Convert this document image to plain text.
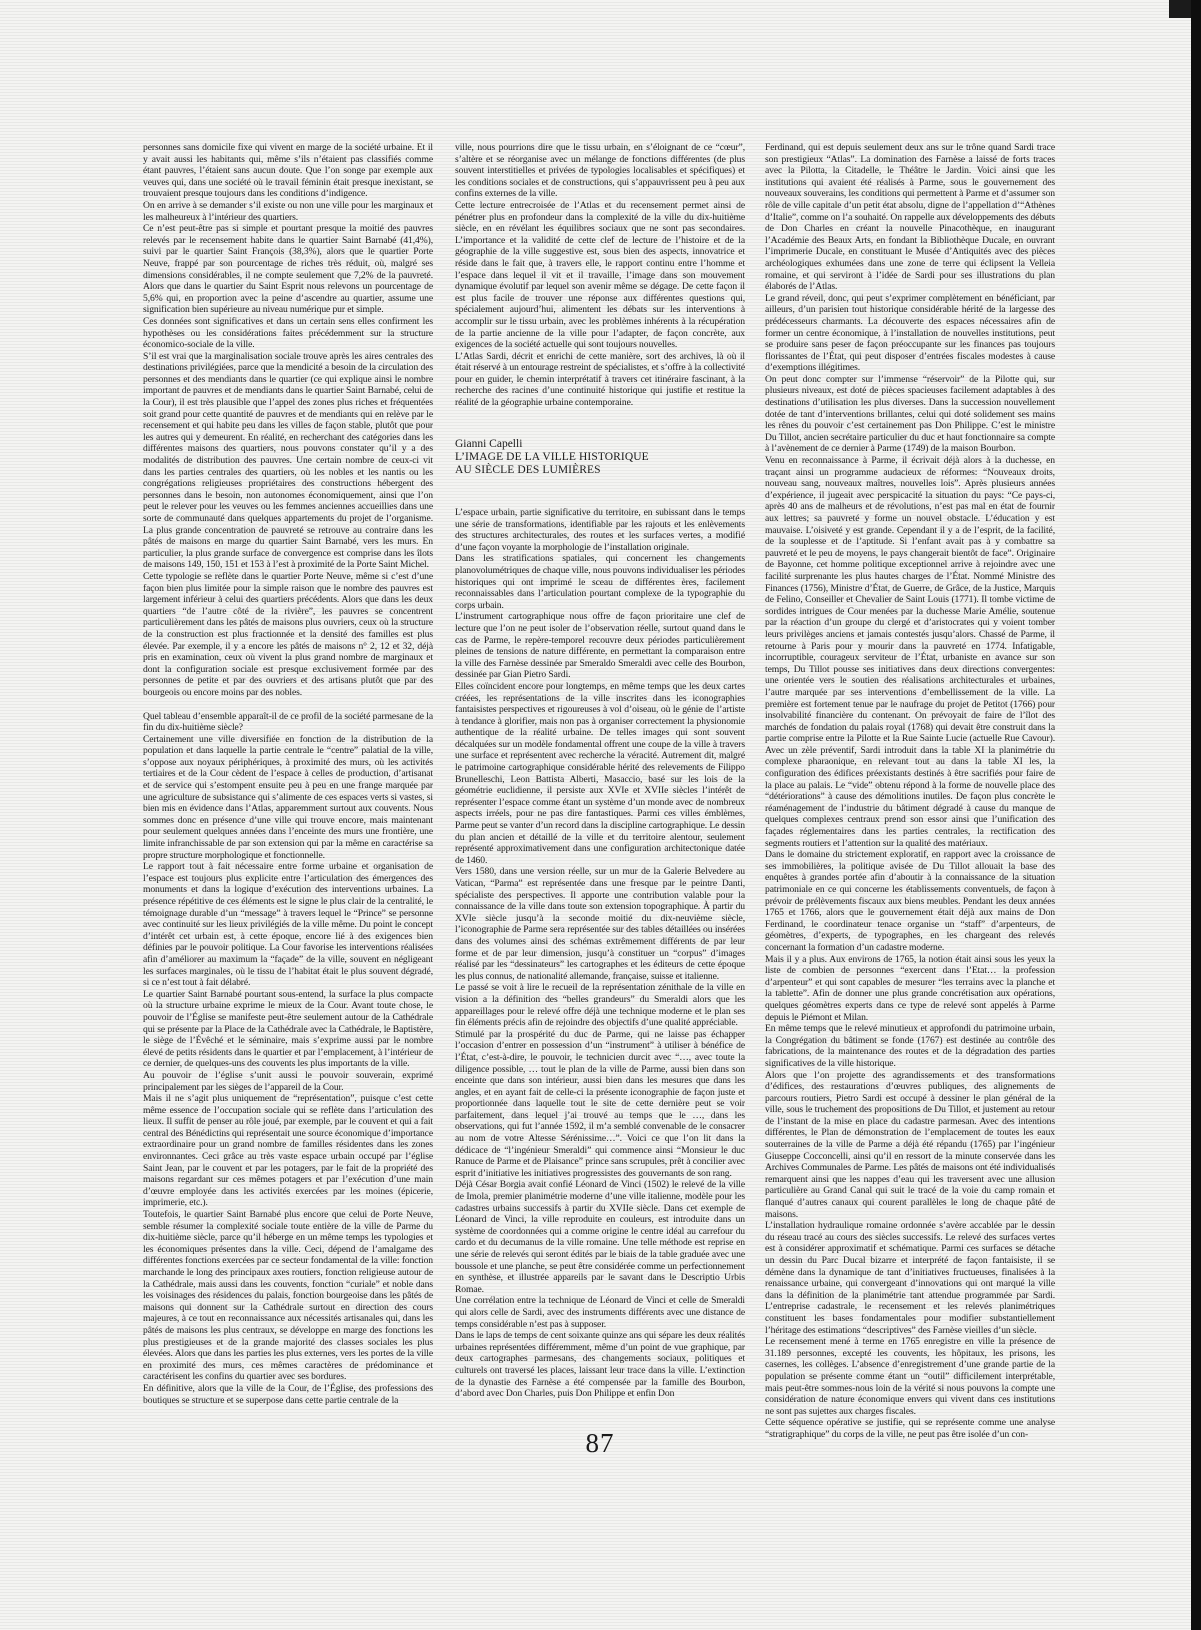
personnes sans domicile fixe qui vivent en marge de la société urbaine. Et il y avait aussi les habitants qui, même s’ils n’étaient pas classifiés comme étant pauvres, l’étaient sans aucun doute. Que l’on songe par exemple aux veuves qui, dans une société où le travail féminin était presque inexistant, se trouvaient presque toujours dans les conditions d’indigence.

On en arrive à se demander s’il existe ou non une ville pour les marginaux et les malheureux à l’intérieur des quartiers.

Ce n’est peut-être pas si simple et pourtant presque la moitié des pauvres relevés par le recensement habite dans le quartier Saint Barnabé (41,4%), suivi par le quartier Saint François (38,3%), alors que le quartier Porte Neuve, frappé par son pourcentage de riches très réduit, où, malgré ses dimensions considérables, il ne compte seulement que 7,2% de la pauvreté. Alors que dans le quartier du Saint Esprit nous relevons un pourcentage de 5,6% qui, en proportion avec la peine d’ascendre au quartier, assume une signification bien supérieure au niveau numérique pur et simple.

Ces données sont significatives et dans un certain sens elles confirment les hypothèses ou les considérations faites précédemment sur la structure économico-sociale de la ville.

S’il est vrai que la marginalisation sociale trouve après les aires centrales des destinations privilégiées, parce que la mendicité a besoin de la circulation des personnes et des mendiants dans le quartier (ce qui explique ainsi le nombre important de pauvres et de mendiants dans le quartier Saint Barnabé, celui de la Cour), il est très plausible que l’appel des zones plus riches et fréquentées soit grand pour cette quantité de pauvres et de mendiants qui en relève par le recensement et qui habite peu dans les villes de façon stable, plutôt que pour les autres qui y demeurent. En réalité, en recherchant des catégories dans les différentes maisons des quartiers, nous pouvons constater qu’il y a des modalités de distribution des pauvres. Une certain nombre de ceux-ci vit dans les parties centrales des quartiers, où les nobles et les nantis ou les congrégations religieuses propriétaires des constructions hébergent des personnes dans le besoin, non autonomes économiquement, ainsi que l’on peut le relever pour les veuves ou les femmes anciennes accueillies dans une sorte de communauté dans quelques appartements du projet de l’organisme. La plus grande concentration de pauvreté se retrouve au contraire dans les pâtés de maisons en marge du quartier Saint Barnabé, vers les murs. En particulier, la plus grande surface de convergence est comprise dans les îlots de maisons 149, 150, 151 et 153 à l’est à proximité de la Porte Saint Michel.

Cette typologie se reflète dans le quartier Porte Neuve, même si c’est d’une façon bien plus limitée pour la simple raison que le nombre des pauvres est largement inférieur à celui des quartiers précédents. Alors que dans les deux quartiers “de l’autre côté de la rivière”, les pauvres se concentrent particulièrement dans les pâtés de maisons plus ouvriers, ceux où la structure de la construction est plus fractionnée et la densité des familles est plus élevée. Par exemple, il y a encore les pâtés de maisons n° 2, 12 et 32, déjà pris en examination, ceux où vivent la plus grand nombre de marginaux et dont la configuration sociale est presque exclusivement formée par des personnes de petite et par des ouvriers et des artisans plutôt que par des bourgeois ou encore moins par des nobles.

Quel tableau d’ensemble apparaît-il de ce profil de la société parmesane de la fin du dix-huitième siècle?

Certainement une ville diversifiée en fonction de la distribution de la population et dans laquelle la partie centrale le “centre” palatial de la ville, s’oppose aux noyaux périphériques, à proximité des murs, où les activités tertiaires et de la Cour cèdent de l’espace à celles de production, d’artisanat et de service qui s’estompent ensuite peu à peu en une frange marquée par une agriculture de subsistance qui s’alimente de ces espaces verts si vastes, si bien mis en évidence dans l’Atlas, apparemment surtout aux couvents. Nous sommes donc en présence d’une ville qui trouve encore, mais maintenant pour seulement quelques années dans l’enceinte des murs une frontière, une limite infranchissable de par son extension qui par la même en caractérise sa propre structure morphologique et fonctionnelle.

Le rapport tout à fait nécessaire entre forme urbaine et organisation de l’espace est toujours plus explicite entre l’articulation des émergences des monuments et dans la logique d’exécution des interventions urbaines. La présence répétitive de ces éléments est le signe le plus clair de la centralité, le témoignage durable d’un “message” à travers lequel le “Prince” se personne avec continuité sur les lieux privilégiés de la ville même. Du point le concept d’intérêt cet urbain est, à cette époque, encore lié à des exigences bien définies par le pouvoir politique. La Cour favorise les interventions réalisées afin d’améliorer au maximum la “façade” de la ville, souvent en négligeant les surfaces marginales, où le tissu de l’habitat était le plus souvent dégradé, si ce n’est tout à fait délabré.

Le quartier Saint Barnabé pourtant sous-entend, la surface la plus compacte où la structure urbaine exprime le mieux de la Cour. Avant toute chose, le pouvoir de l’Église se manifeste peut-être seulement autour de la Cathédrale qui se présente par la Place de la Cathédrale avec la Cathédrale, le Baptistère, le siège de l’Évêché et le séminaire, mais s’exprime aussi par le nombre élevé de petits résidents dans le quartier et par l’emplacement, à l’intérieur de ce dernier, de quelques-uns des couvents les plus importants de la ville.

Au pouvoir de l’église s’unit aussi le pouvoir souverain, exprimé principalement par les sièges de l’appareil de la Cour.

Mais il ne s’agit plus uniquement de “représentation”, puisque c’est cette même essence de l’occupation sociale qui se reflète dans l’articulation des lieux. Il suffit de penser au rôle joué, par exemple, par le couvent et qui a fait central des Bénédictins qui représentait une source économique d’importance extraordinaire pour un grand nombre de familles résidentes dans les zones environnantes. Ceci grâce au très vaste espace urbain occupé par l’église Saint Jean, par le couvent et par les potagers, par le fait de la propriété des maisons regardant sur ces mêmes potagers et par l’exécution d’une main d’œuvre employée dans les activités exercées par les moines (épicerie, imprimerie, etc.).

Toutefois, le quartier Saint Barnabé plus encore que celui de Porte Neuve, semble résumer la complexité sociale toute entière de la ville de Parme du dix-huitième siècle, parce qu’il héberge en un même temps les typologies et les économiques présentes dans la ville. Ceci, dépend de l’amalgame des différentes fonctions exercées par ce secteur fondamental de la ville: fonction marchande le long des principaux axes routiers, fonction religieuse autour de la Cathédrale, mais aussi dans les couvents, fonction “curiale” et noble dans les voisinages des résidences du palais, fonction bourgeoise dans les pâtés de maisons qui donnent sur la Cathédrale surtout en direction des cours majeures, à ce tout en reconnaissance aux nécessités artisanales qui, dans les pâtés de maisons les plus centraux, se développe en marge des fonctions les plus prestigieuses et de la grande majorité des classes sociales les plus élevées. Alors que dans les parties les plus externes, vers les portes de la ville en proximité des murs, ces mêmes caractères de prédominance et caractérisent les confins du quartier avec ses bordures.

En définitive, alors que la ville de la Cour, de l’Église, des professions des boutiques se structure et se superpose dans cette partie centrale de la

ville, nous pourrions dire que le tissu urbain, en s’éloignant de ce “cœur”, s’altère et se réorganise avec un mélange de fonctions différentes (de plus souvent interstitielles et privées de typologies localisables et spécifiques) et les conditions sociales et de constructions, qui s’appauvrissent peu à peu aux confins externes de la ville.

Cette lecture entrecroisée de l’Atlas et du recensement permet ainsi de pénétrer plus en profondeur dans la complexité de la ville du dix-huitième siècle, en en révélant les équilibres sociaux que ne sont pas secondaires. L’importance et la validité de cette clef de lecture de l’histoire et de la géographie de la ville suggestive est, sous bien des aspects, innovatrice et réside dans le fait que, à travers elle, le rapport continu entre l’homme et l’espace dans lequel il vit et il travaille, l’image dans son mouvement dynamique évolutif par lequel son avenir même se dégage. De cette façon il est plus facile de trouver une réponse aux différentes questions qui, spécialement aujourd’hui, alimentent les débats sur les interventions à accomplir sur le tissu urbain, avec les problèmes inhérents à la récupération de la partie ancienne de la ville pour l’adapter, de façon concrète, aux exigences de la société actuelle qui sont toujours nouvelles.

L’Atlas Sardi, décrit et enrichi de cette manière, sort des archives, là où il était réservé à un entourage restreint de spécialistes, et s’offre à la collectivité pour en guider, le chemin interprétatif à travers cet itinéraire fascinant, à la recherche des racines d’une continuité historique qui justifie et restitue la réalité de la géographie urbaine contemporaine.

L’espace urbain, partie significative du territoire, en subissant dans le temps une série de transformations, identifiable par les rajouts et les enlèvements des structures architecturales, des routes et les surfaces vertes, a modifié d’une façon voyante la morphologie de l’installation originale.

Dans les stratifications spatiales, qui concernent les changements planovolumétriques de chaque ville, nous pouvons individualiser les périodes historiques qui ont imprimé le sceau de différentes ères, facilement reconnaissables dans l’articulation pourtant complexe de la typographie du corps urbain.

L’instrument cartographique nous offre de façon prioritaire une clef de lecture que l’on ne peut isoler de l’observation réelle, surtout quand dans le cas de Parme, le repère-temporel recouvre deux périodes particulièrement pleines de tensions de nature différente, en permettant la comparaison entre la ville des Farnèse dessinée par Smeraldo Smeraldi avec celle des Bourbon, dessinée par Gian Pietro Sardi.

Elles coïncident encore pour longtemps, en même temps que les deux cartes créées, les représentations de la ville inscrites dans les iconographies fantaisistes perspectives et rigoureuses à vol d’oiseau, où le génie de l’artiste à tendance à glorifier, mais non pas à organiser correctement la physionomie authentique de la réalité urbaine. De telles images qui sont souvent décalquées sur un modèle fondamental offrent une coupe de la ville à travers une surface et représentent avec recherche la véracité. Autrement dit, malgré le patrimoine cartographique considérable hérité des relevements de Filippo Brunelleschi, Leon Battista Alberti, Masaccio, basé sur les lois de la géométrie euclidienne, il persiste aux XVIe et XVIIe siècles l’intérêt de représenter l’espace comme étant un système d’un monde avec de nombreux aspects irréels, pour ne pas dire fantastiques. Parmi ces villes émblèmes, Parme peut se vanter d’un record dans la discipline cartographique. Le dessin du plan ancien et détaillé de la ville et du territoire alentour, seulement représenté approximativement dans une configuration architectonique datée de 1460.

Vers 1580, dans une version réelle, sur un mur de la Galerie Belvedere au Vatican, “Parma” est représentée dans une fresque par le peintre Danti, spécialiste des perspectives. Il apporte une contribution valable pour la connaissance de la ville dans toute son extension topographique. À partir du XVIe siècle jusqu’à la seconde moitié du dix-neuvième siècle, l’iconographie de Parme sera représentée sur des tables détaillées ou insérées dans des volumes ainsi des schémas extrêmement différents de par leur forme et de par leur dimension, jusqu’à constituer un “corpus” d’images réalisé par les “dessinateurs” les cartographes et les éditeurs de cette époque les plus connus, de nationalité allemande, française, suisse et italienne.

Le passé se voit à lire le recueil de la représentation zénithale de la ville en vision a la définition des “belles grandeurs” du Smeraldi alors que les appareillages pour le relevé offre déjà une technique moderne et le plan ses fin éléments précis afin de rejoindre des objectifs d’une qualité appréciable.

Stimulé par la prospérité du duc de Parme, qui ne laisse pas échapper l’occasion d’entrer en possession d’un “instrument” à utiliser à bénéfice de l’État, c’est-à-dire, le pouvoir, le technicien durcit avec “…, avec toute la diligence possible, … tout le plan de la ville de Parme, aussi bien dans son enceinte que dans son intérieur, aussi bien dans les mesures que dans les angles, et en ayant fait de celle-ci la présente iconographie de façon juste et proportionnée dans laquelle tout le site de cette dernière peut se voir parfaitement, dans lequel j’ai trouvé au temps que le …, dans les observations, qui fut l’année 1592, il m’a semblé convenable de le consacrer au nom de votre Altesse Sérénissime…”. Voici ce que l’on lit dans la dédicace de “l’ingénieur Smeraldi” qui commence ainsi “Monsieur le duc Ranuce de Parme et de Plaisance” prince sans scrupules, prêt à concilier avec esprit d’initiative les initiatives progressistes des gouvernants de son rang.

Déjà César Borgia avait confié Léonard de Vinci (1502) le relevé de la ville de Imola, premier planimétrie moderne d’une ville italienne, modèle pour les cadastres urbains successifs à partir du XVIIe siècle. Dans cet exemple de Léonard de Vinci, la ville reproduite en couleurs, est introduite dans un système de coordonnées qui a comme origine le centre idéal au carrefour du cardo et du decumanus de la ville romaine. Une telle méthode est reprise en une série de relevés qui seront édités par le biais de la table graduée avec une boussole et une planche, se peut être considérée comme un perfectionnement en synthèse, et illustrée appareils par le savant dans le Descriptio Urbis Romae.

Une corrélation entre la technique de Léonard de Vinci et celle de Smeraldi qui alors celle de Sardi, avec des instruments différents avec une distance de temps considérable n’est pas à supposer.

Dans le laps de temps de cent soixante quinze ans qui sépare les deux réalités urbaines représentées différemment, même d’un point de vue graphique, par deux cartographes parmesans, des changements sociaux, politiques et culturels ont traversé les places, laissant leur trace dans la ville. L’extinction de la dynastie des Farnèse a été compensée par la famille des Bourbon, d’abord avec Don Charles, puis Don Philippe et enfin Don

Gianni Capelli

L’IMAGE DE LA VILLE HISTORIQUE

AU SIÈCLE DES LUMIÈRES

Ferdinand, qui est depuis seulement deux ans sur le trône quand Sardi trace son prestigieux “Atlas”. La domination des Farnèse a laissé de forts traces avec la Pilotta, la Citadelle, le Théâtre le Jardin. Voici ainsi que les institutions qui avaient été réalisés à Parme, sous le gouvernement des nouveaux souverains, les conditions qui permettent à Parme et d’assumer son rôle de ville capitale d’un petit état absolu, digne de l’appellation d’“Athènes d’Italie”, comme on l’a souhaité. On rappelle aux développements des débuts de Don Charles en créant la nouvelle Pinacothèque, en inaugurant l’Académie des Beaux Arts, en fondant la Bibliothèque Ducale, en ouvrant l’imprimerie Ducale, en constituant le Musée d’Antiquités avec des pièces archéologiques exhumées dans une zone de terre qui éclipsent la Velleia romaine, et qui serviront à l’idée de Sardi pour ses illustrations du plan élaborés de l’Atlas.

Le grand réveil, donc, qui peut s’exprimer complètement en bénéficiant, par ailleurs, d’un parisien tout historique considérable hérité de la largesse des prédécesseurs charmants. La découverte des espaces nécessaires afin de former un centre économique, à l’installation de nouvelles institutions, peut se produire sans peser de façon préoccupante sur les finances pas toujours florissantes de l’État, qui peut disposer d’entrées fiscales modestes à cause d’exemptions illégitimes.

On peut donc compter sur l’immense “réservoir” de la Pilotte qui, sur plusieurs niveaux, est doté de pièces spacieuses facilement adaptables à des destinations d’utilisation les plus diverses. Dans la succession nouvellement dotée de tant d’interventions brillantes, celui qui doté solidement ses mains les rênes du pouvoir c’est certainement pas Don Philippe. C’est le ministre Du Tillot, ancien secrétaire particulier du duc et haut fonctionnaire sa compte à l’avènement de ce dernier à Parme (1749) de la maison Bourbon.

Venu en reconnaissance à Parme, il écrivait déjà alors à la duchesse, en traçant ainsi un programme audacieux de réformes: “Nouveaux droits, nouveau sang, nouveaux maîtres, nouvelles lois”. Après plusieurs années d’expérience, il jugeait avec perspicacité la situation du pays: “Ce pays-ci, après 40 ans de malheurs et de révolutions, n’est pas mal en état de fournir aux lettres; sa pauvreté y forme un nouvel obstacle. L’éducation y est mauvaise. L’oisiveté y est grande. Cependant il y a de l’esprit, de la facilité, de la souplesse et de l’aptitude. Si l’enfant avait pas à y combattre sa pauvreté et le peu de moyens, le pays changerait bientôt de face”. Originaire de Bayonne, cet homme politique exceptionnel arrive à rejoindre avec une facilité surprenante les plus hautes charges de l’État. Nommé Ministre des Finances (1756), Ministre d’État, de Guerre, de Grâce, de la Justice, Marquis de Felino, Conseiller et Chevalier de Saint Louis (1771). Il tombe victime de sordides intrigues de Cour menées par la duchesse Marie Amélie, soutenue par la réaction d’un groupe du clergé et d’aristocrates qui y voient tomber leurs privilèges anciens et jamais contestés jusqu’alors. Chassé de Parme, il retourne à Paris pour y mourir dans la pauvreté en 1774. Infatigable, incorruptible, courageux serviteur de l’État, urbaniste en avance sur son temps, Du Tillot pousse ses initiatives dans deux directions convergentes: une orientée vers le soutien des réalisations architecturales et urbaines, l’autre marquée par ses interventions d’embellissement de la ville. La première est fortement tenue par le naufrage du projet de Petitot (1766) pour insolvabilité financière du contenant. On prévoyait de faire de l’îlot des marchés de fondation du palais royal (1768) qui devait être construit dans la partie comprise entre la Pilotte et la Rue Sainte Lucie (actuelle Rue Cavour). Avec un zèle préventif, Sardi introduit dans la table XI la planimétrie du complexe pharaonique, en relevant tout au dans la table XI les, la configuration des édifices préexistants destinés à être sacrifiés pour faire de la place au palais. Le “vide” obtenu répond à la forme de nouvelle place des “détériorations” à cause des démolitions inutiles. De façon plus concrète le réaménagement de l’industrie du bâtiment dégradé à cause du manque de quelques complexes centraux prend son essor ainsi que l’unification des façades réglementaires dans les parties centrales, la rectification des segments routiers et l’attention sur la qualité des matériaux.

Dans le domaine du strictement exploratif, en rapport avec la croissance de ses immobilières, la politique avisée de Du Tillot allouait la base des enquêtes à grandes portée afin d’aboutir à la connaissance de la situation patrimoniale en ce qui concerne les établissements conventuels, de façon à prévoir de prélèvements fiscaux aux biens meubles. Pendant les deux années 1765 et 1766, alors que le gouvernement était déjà aux mains de Don Ferdinand, le coordinateur tenace organise un “staff” d’arpenteurs, de géomètres, d’experts, de typographes, en les chargeant des relevés concernant la formation d’un cadastre moderne.

Mais il y a plus. Aux environs de 1765, la notion était ainsi sous les yeux la liste de combien de personnes “exercent dans l’Etat… la profession d’arpenteur” et qui sont capables de mesurer “les terrains avec la planche et la tablette”. Afin de donner une plus grande concrétisation aux opérations, quelques géomètres experts dans ce type de relevé sont appelés à Parme depuis le Piémont et Milan.

En même temps que le relevé minutieux et approfondi du patrimoine urbain, la Congrégation du bâtiment se fonde (1767) est destinée au contrôle des fabrications, de la maintenance des routes et de la dégradation des parties significatives de la ville historique.

Alors que l’on projette des agrandissements et des transformations d’édifices, des restaurations d’œuvres publiques, des alignements de parcours routiers, Pietro Sardi est occupé à dessiner le plan général de la ville, sous le truchement des propositions de Du Tillot, et justement au retour de l’instant de la mise en place du cadastre parmesan. Avec des intentions différentes, le Plan de démonstration de l’emplacement de toutes les eaux souterraines de la ville de Parme a déjà été répandu (1765) par l’ingénieur Giuseppe Cocconcelli, ainsi qu’il en ressort de la minute conservée dans les Archives Communales de Parme. Les pâtés de maisons ont été individualisés remarquent ainsi que les nappes d’eau qui les traversent avec une allusion particulière au Grand Canal qui suit le tracé de la voie du camp romain et flanqué d’autres canaux qui courent parallèles le long de chaque pâté de maisons.

L’installation hydraulique romaine ordonnée s’avère accablée par le dessin du réseau tracé au cours des siècles successifs. Le relevé des surfaces vertes est à considérer approximatif et schématique. Parmi ces surfaces se détache un dessin du Parc Ducal bizarre et interprété de façon fantaisiste, il se démène dans la dynamique de tant d’initiatives fructueuses, finalisées à la renaissance urbaine, qui convergeant d’innovations qui ont marqué la ville dans la définition de la planimétrie tant attendue programmée par Sardi. L’entreprise cadastrale, le recensement et les relevés planimétriques constituent les bases fondamentales pour modifier substantiellement l’héritage des estimations “descriptives” des Farnèse vieilles d’un siècle.

Le recensement mené à terme en 1765 enregistre en ville la présence de 31.189 personnes, excepté les couvents, les hôpitaux, les prisons, les casernes, les collèges. L’absence d’enregistrement d’une grande partie de la population se présente comme étant un “outil” difficilement interprétable, mais peut-être sommes-nous loin de la vérité si nous pouvons la compte une considération de nature économique envers qui vivent dans ces institutions ne sont pas sujettes aux charges fiscales.

Cette séquence opérative se justifie, qui se représente comme une analyse “stratigraphique” du corps de la ville, ne peut pas être isolée d’un con-

87
